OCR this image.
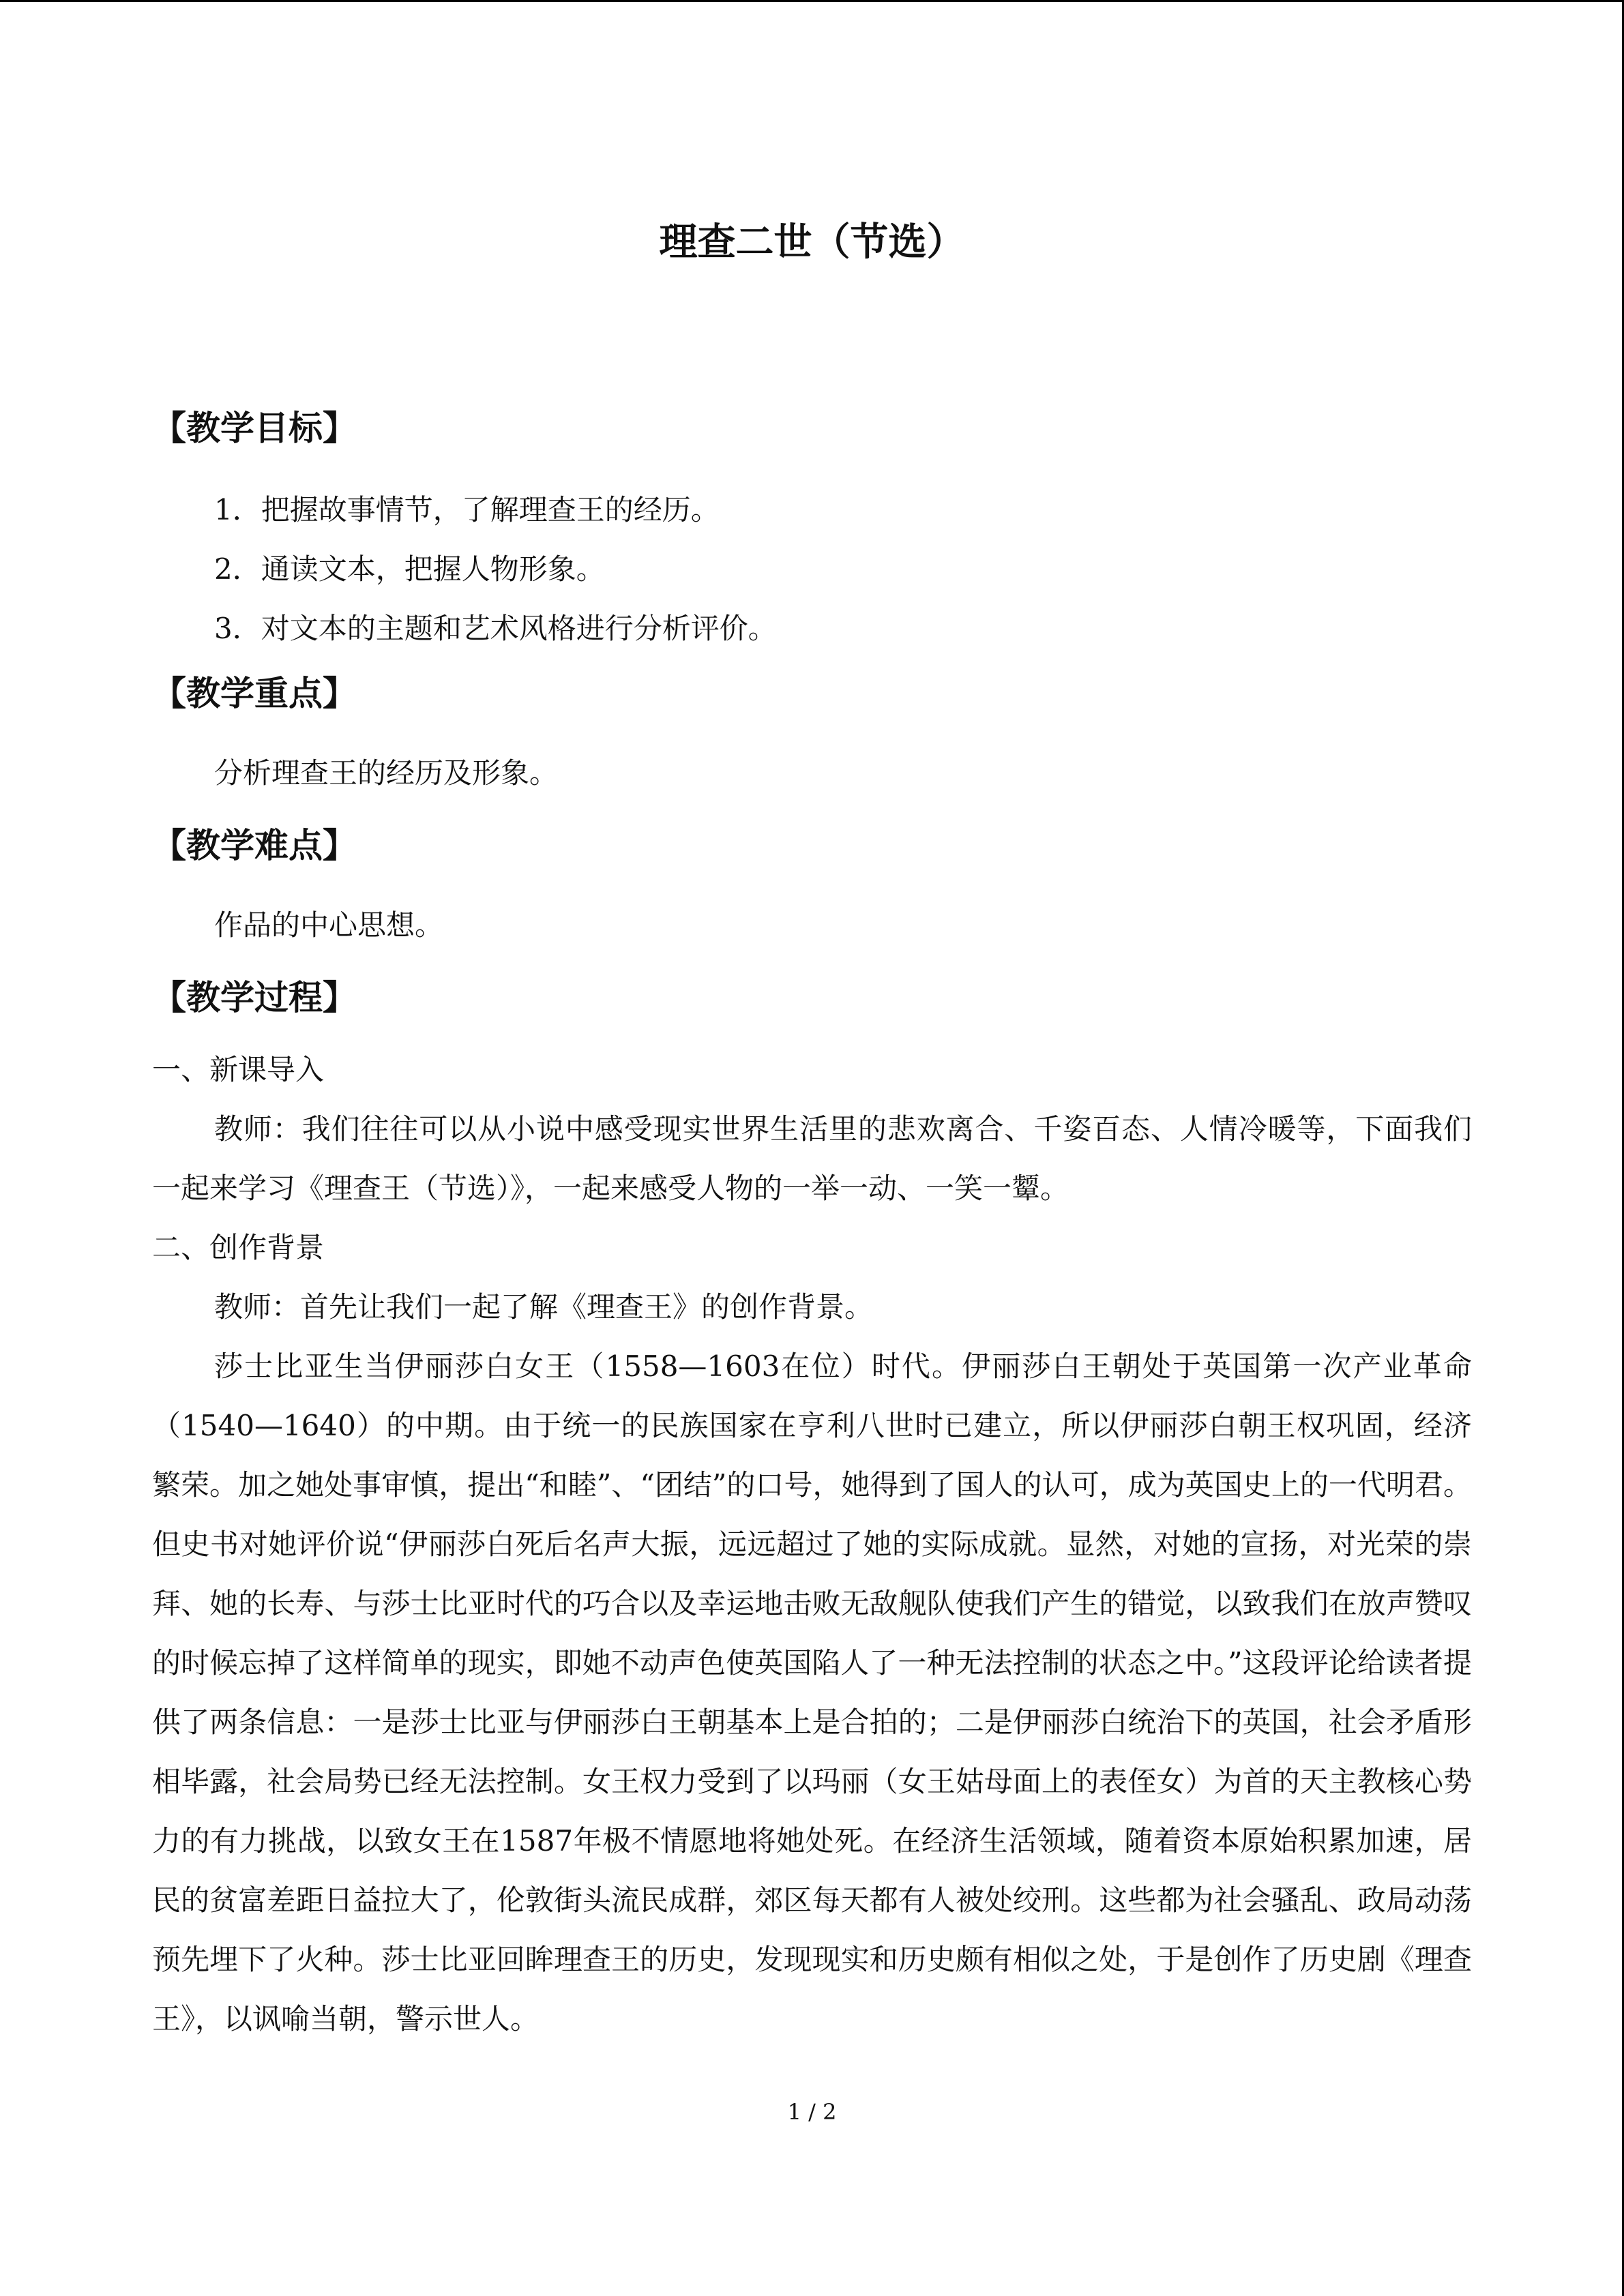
理查二世（节选）
【教学目标】

1．把握故事情节，了解理查王的经历。

2．通读文本，把握人物形象。

3．对文本的主题和艺术风格进行分析评价。

【教学重点】

分析理查王的经历及形象。

【教学难点】

作品的中心思想。

【教学过程】

一、新课导入

教师：我们往往可以从小说中感受现实世界生活里的悲欢离合、千姿百态、人情冷暖等，下面我们一起来学习《理查王（节选）》，一起来感受人物的一举一动、一笑一颦。

二、创作背景

教师：首先让我们一起了解《理查王》的创作背景。

莎士比亚生当伊丽莎白女王（1558—1603在位）时代。伊丽莎白王朝处于英国第一次产业革命（1540—1640）的中期。由于统一的民族国家在亨利八世时已建立，所以伊丽莎白朝王权巩固，经济繁荣。加之她处事审慎，提出“和睦”、“团结”的口号，她得到了国人的认可，成为英国史上的一代明君。但史书对她评价说“伊丽莎白死后名声大振，远远超过了她的实际成就。显然，对她的宣扬，对光荣的崇拜、她的长寿、与莎士比亚时代的巧合以及幸运地击败无敌舰队使我们产生的错觉，以致我们在放声赞叹的时候忘掉了这样简单的现实，即她不动声色使英国陷人了一种无法控制的状态之中。”这段评论给读者提供了两条信息：一是莎士比亚与伊丽莎白王朝基本上是合拍的；二是伊丽莎白统治下的英国，社会矛盾形相毕露，社会局势已经无法控制。女王权力受到了以玛丽（女王姑母面上的表侄女）为首的天主教核心势力的有力挑战，以致女王在1587年极不情愿地将她处死。在经济生活领域，随着资本原始积累加速，居民的贫富差距日益拉大了，伦敦街头流民成群，郊区每天都有人被处绞刑。这些都为社会骚乱、政局动荡预先埋下了火种。莎士比亚回眸理查王的历史，发现现实和历史颇有相似之处，于是创作了历史剧《理查王》，以讽喻当朝，警示世人。

1 / 2
